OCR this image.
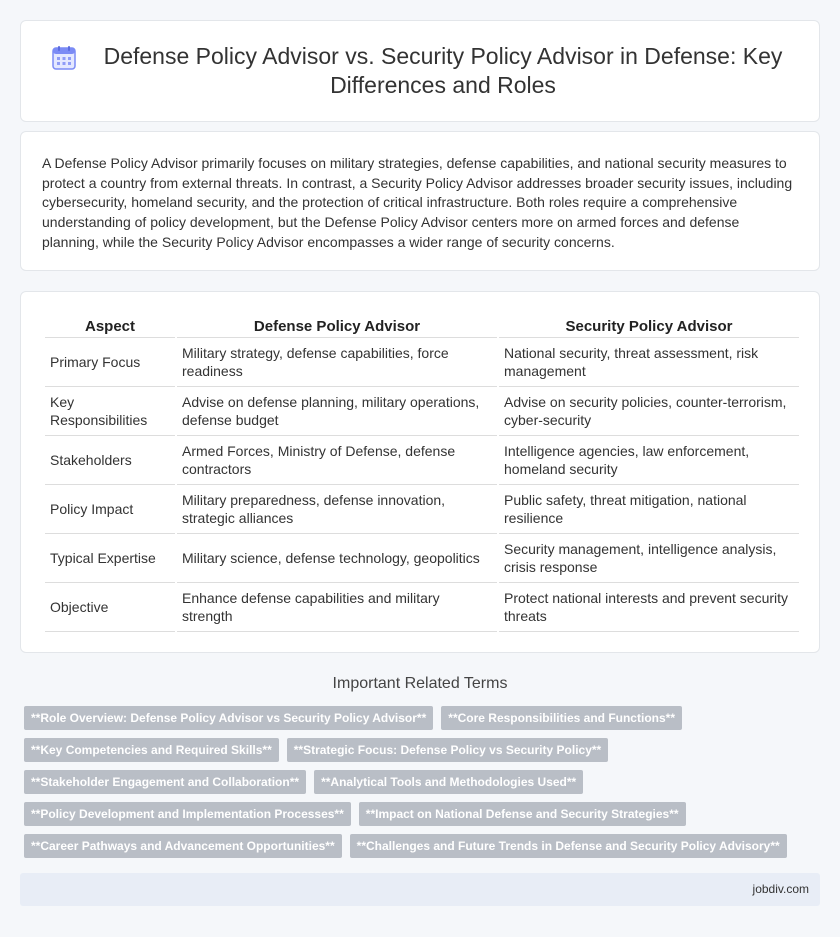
Defense Policy Advisor vs. Security Policy Advisor in Defense: Key Differences and Roles

A Defense Policy Advisor primarily focuses on military strategies, defense capabilities, and national security measures to protect a country from external threats. In contrast, a Security Policy Advisor addresses broader security issues, including cybersecurity, homeland security, and the protection of critical infrastructure. Both roles require a comprehensive understanding of policy development, but the Defense Policy Advisor centers more on armed forces and defense planning, while the Security Policy Advisor encompasses a wider range of security concerns.

Aspect	Defense Policy Advisor	Security Policy Advisor
Primary Focus	Military strategy, defense capabilities, force readiness	National security, threat assessment, risk management
Key Responsibilities	Advise on defense planning, military operations, defense budget	Advise on security policies, counter-terrorism, cyber-security
Stakeholders	Armed Forces, Ministry of Defense, defense contractors	Intelligence agencies, law enforcement, homeland security
Policy Impact	Military preparedness, defense innovation, strategic alliances	Public safety, threat mitigation, national resilience
Typical Expertise	Military science, defense technology, geopolitics	Security management, intelligence analysis, crisis response
Objective	Enhance defense capabilities and military strength	Protect national interests and prevent security threats
Important Related Terms
**Role Overview: Defense Policy Advisor vs Security Policy Advisor**	**Core Responsibilities and Functions**
**Key Competencies and Required Skills**	**Strategic Focus: Defense Policy vs Security Policy**
**Stakeholder Engagement and Collaboration**	**Analytical Tools and Methodologies Used**
**Policy Development and Implementation Processes**	**Impact on National Defense and Security Strategies**
**Career Pathways and Advancement Opportunities**	**Challenges and Future Trends in Defense and Security Policy Advisory**
jobdiv.com
